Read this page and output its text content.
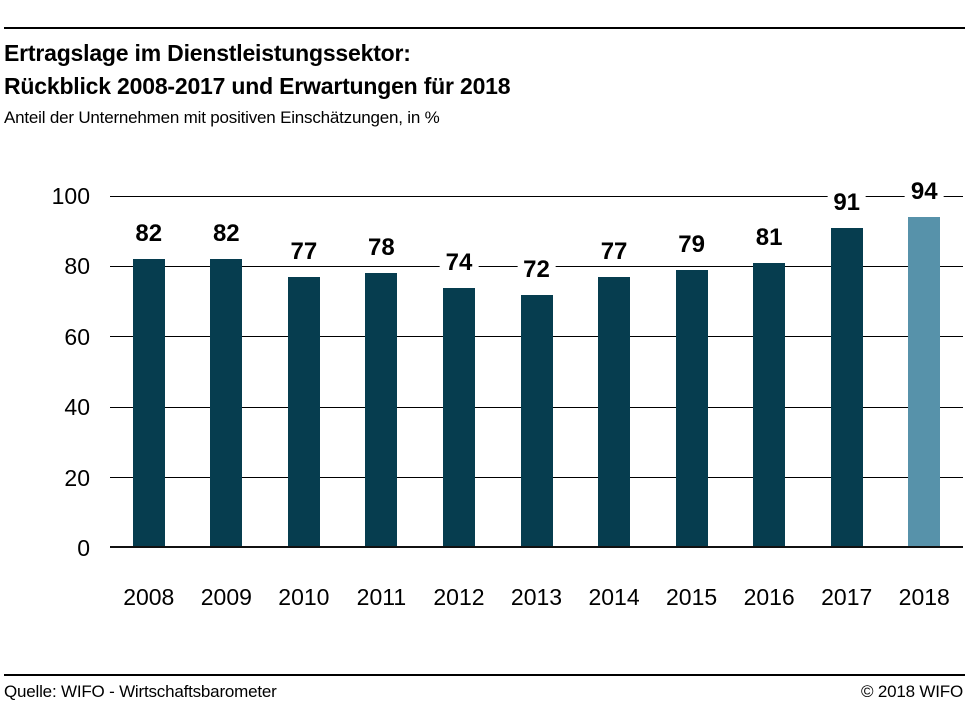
Ertragslage im Dienstleistungssektor:
Rückblick 2008-2017 und Erwartungen für 2018
Anteil der Unternehmen mit positiven Einschätzungen, in %
82 82
77 78
74 72
77 79 81
91 94
0
20
40
60
80
100
2008	2009	2010	2011	2012	2013	2014	2015	2016	2017	2018
Quelle: WIFO - Wirtschaftsbarometer	© 2018 WIFO
